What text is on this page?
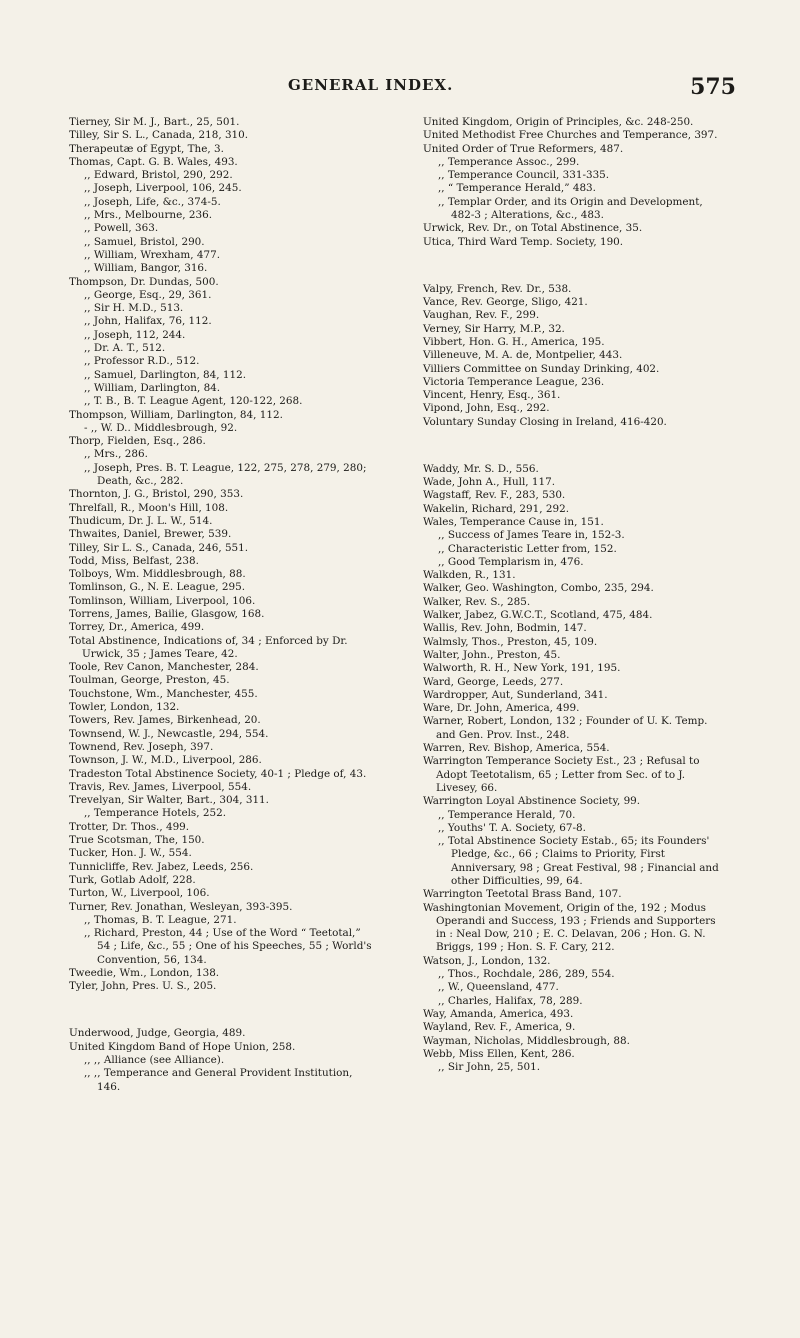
GENERAL INDEX.	575

Tierney, Sir M. J., Bart., 25, 501.

Tilley, Sir S. L., Canada, 218, 310.

Therapeutæ of Egypt, The, 3.

Thomas, Capt. G. B. Wales, 493.

,, Edward, Bristol, 290, 292.

,, Joseph, Liverpool, 106, 245.

,, Joseph, Life, &c., 374-5.

,, Mrs., Melbourne, 236.

,, Powell, 363.

,, Samuel, Bristol, 290.

,, William, Wrexham, 477.

,, William, Bangor, 316.

Thompson, Dr. Dundas, 500.

,, George, Esq., 29, 361.

,, Sir H. M.D., 513.

,, John, Halifax, 76, 112.

,, Joseph, 112, 244.

,, Dr. A. T., 512.

,, Professor R.D., 512.

,, Samuel, Darlington, 84, 112.

,, William, Darlington, 84.

,, T. B., B. T. League Agent, 120-122, 268.

Thompson, William, Darlington, 84, 112.

- ,, W. D.. Middlesbrough, 92.

Thorp, Fielden, Esq., 286.

,, Mrs., 286.

,, Joseph, Pres. B. T. League, 122, 275, 278, 279, 280; Death, &c., 282.

Thornton, J. G., Bristol, 290, 353.

Threlfall, R., Moon's Hill, 108.

Thudicum, Dr. J. L. W., 514.

Thwaites, Daniel, Brewer, 539.

Tilley, Sir L. S., Canada, 246, 551.

Todd, Miss, Belfast, 238.

Tolboys, Wm. Middlesbrough, 88.

Tomlinson, G., N. E. League, 295.

Tomlinson, William, Liverpool, 106.

Torrens, James, Bailie, Glasgow, 168.

Torrey, Dr., America, 499.

Total Abstinence, Indications of, 34 ; Enforced by Dr. Urwick, 35 ; James Teare, 42.

Toole, Rev Canon, Manchester, 284.

Toulman, George, Preston, 45.

Touchstone, Wm., Manchester, 455.

Towler, London, 132.

Towers, Rev. James, Birkenhead, 20.

Townsend, W. J., Newcastle, 294, 554.

Townend, Rev. Joseph, 397.

Townson, J. W., M.D., Liverpool, 286.

Tradeston Total Abstinence Society, 40-1 ; Pledge of, 43.

Travis, Rev. James, Liverpool, 554.

Trevelyan, Sir Walter, Bart., 304, 311.

,, Temperance Hotels, 252.

Trotter, Dr. Thos., 499.

True Scotsman, The, 150.

Tucker, Hon. J. W., 554.

Tunnicliffe, Rev. Jabez, Leeds, 256.

Turk, Gotlab Adolf, 228.

Turton, W., Liverpool, 106.

Turner, Rev. Jonathan, Wesleyan, 393-395.

,, Thomas, B. T. League, 271.

,, Richard, Preston, 44 ; Use of the Word “ Teetotal,” 54 ; Life, &c., 55 ; One of his Speeches, 55 ; World's Convention, 56, 134.

Tweedie, Wm., London, 138.

Tyler, John, Pres. U. S., 205.

Underwood, Judge, Georgia, 489.

United Kingdom Band of Hope Union, 258.

,, ,, Alliance (see Alliance).

,, ,, Temperance and General Provident Institution, 146.

United Kingdom, Origin of Principles, &c. 248-250.

United Methodist Free Churches and Temperance, 397.

United Order of True Reformers, 487.

,, Temperance Assoc., 299.

,, Temperance Council, 331-335.

,, “ Temperance Herald,” 483.

,, Templar Order, and its Origin and Development, 482-3 ; Alterations, &c., 483.

Urwick, Rev. Dr., on Total Abstinence, 35.

Utica, Third Ward Temp. Society, 190.

Valpy, French, Rev. Dr., 538.

Vance, Rev. George, Sligo, 421.

Vaughan, Rev. F., 299.

Verney, Sir Harry, M.P., 32.

Vibbert, Hon. G. H., America, 195.

Villeneuve, M. A. de, Montpelier, 443.

Villiers Committee on Sunday Drinking, 402.

Victoria Temperance League, 236.

Vincent, Henry, Esq., 361.

Vipond, John, Esq., 292.

Voluntary Sunday Closing in Ireland, 416-420.

Waddy, Mr. S. D., 556.

Wade, John A., Hull, 117.

Wagstaff, Rev. F., 283, 530.

Wakelin, Richard, 291, 292.

Wales, Temperance Cause in, 151.

,, Success of James Teare in, 152-3.

,, Characteristic Letter from, 152.

,, Good Templarism in, 476.

Walkden, R., 131.

Walker, Geo. Washington, Combo, 235, 294.

Walker, Rev. S., 285.

Walker, Jabez, G.W.C.T., Scotland, 475, 484.

Wallis, Rev. John, Bodmin, 147.

Walmsly, Thos., Preston, 45, 109.

Walter, John., Preston, 45.

Walworth, R. H., New York, 191, 195.

Ward, George, Leeds, 277.

Wardropper, Aut, Sunderland, 341.

Ware, Dr. John, America, 499.

Warner, Robert, London, 132 ; Founder of U. K. Temp. and Gen. Prov. Inst., 248.

Warren, Rev. Bishop, America, 554.

Warrington Temperance Society Est., 23 ; Refusal to Adopt Teetotalism, 65 ; Letter from Sec. of to J. Livesey, 66.

Warrington Loyal Abstinence Society, 99.

,, Temperance Herald, 70.

,, Youths' T. A. Society, 67-8.

,, Total Abstinence Society Estab., 65; its Founders' Pledge, &c., 66 ; Claims to Priority, First Anniversary, 98 ; Great Festival, 98 ; Financial and other Difficulties, 99, 64.

Warrington Teetotal Brass Band, 107.

Washingtonian Movement, Origin of the, 192 ; Modus Operandi and Success, 193 ; Friends and Supporters in : Neal Dow, 210 ; E. C. Delavan, 206 ; Hon. G. N. Briggs, 199 ; Hon. S. F. Cary, 212.

Watson, J., London, 132.

,, Thos., Rochdale, 286, 289, 554.

,, W., Queensland, 477.

,, Charles, Halifax, 78, 289.

Way, Amanda, America, 493.

Wayland, Rev. F., America, 9.

Wayman, Nicholas, Middlesbrough, 88.

Webb, Miss Ellen, Kent, 286.

,, Sir John, 25, 501.
